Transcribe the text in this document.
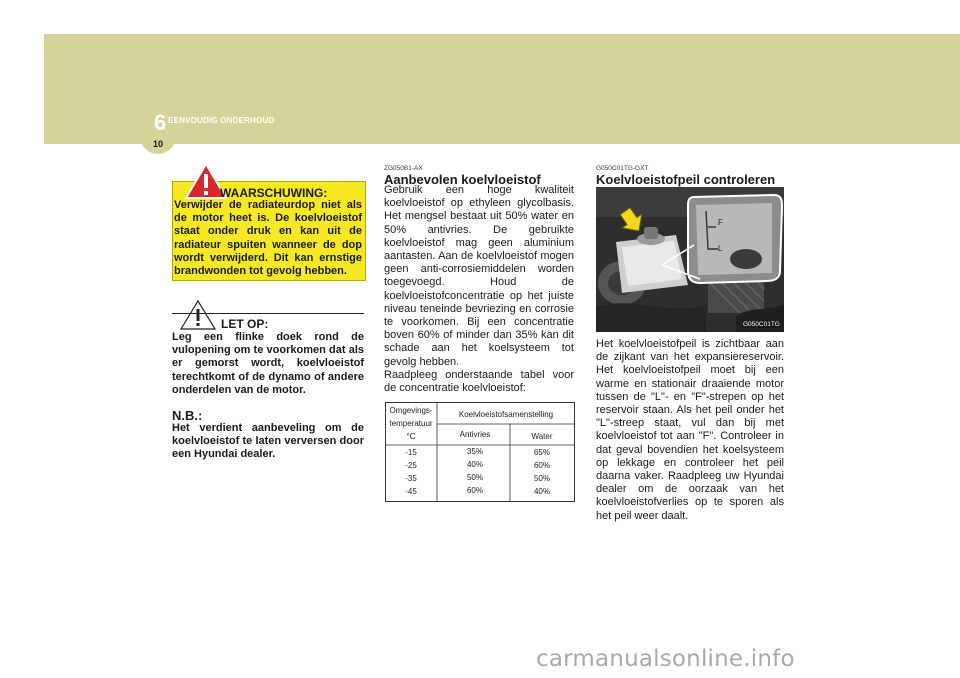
6 EENVOUDIG ONDERHOUD
10
WAARSCHUWING:
Verwijder de radiateurdop niet als de motor heet is. De koelvloeistof staat onder druk en kan uit de radiateur spuiten wanneer de dop wordt verwijderd. Dit kan ernstige brandwonden tot gevolg hebben.
LET OP:
Leg een flinke doek rond de vulopening om te voorkomen dat als er gemorst wordt, koelvloeistof terechtkomt of de dynamo of andere onderdelen van de motor.
N.B.:
Het verdient aanbeveling om de koelvloeistof te laten verversen door een Hyundai dealer.
ZG050B1-AX
Aanbevolen koelvloeistof
Gebruik een hoge kwaliteit koelvloeistof op ethyleen glycolbasis. Het mengsel bestaat uit 50% water en 50% antivries. De gebruikte koelvloeistof mag geen aluminium aantasten. Aan de koelvloeistof mogen geen anti-corrosiemiddelen worden toegevoegd. Houd de koelvloeistofconcentratie op het juiste niveau teneinde bevriezing en corrosie te voorkomen. Bij een concentratie boven 60% of minder dan 35% kan dit schade aan het koelsysteem tot gevolg hebben.
Raadpleeg onderstaande tabel voor de concentratie koelvloeistof:
Omgevings-
temperatuur
°C
Koelvloeistofsamenstelling
Antivries	Water
-15	35%	65%
-25	40%	60%
-35	50%	50%
-45	60%	40%
G050C01TG-GXT
Koelvloeistofpeil controleren
F
L
G050C01TG
Het koelvloeistofpeil is zichtbaar aan de zijkant van het expansiereservoir. Het koelvloeistofpeil moet bij een warme en stationair draaiende motor tussen de "L"- en "F"-strepen op het reservoir staan. Als het peil onder het "L"-streep staat, vul dan bij met koelvloeistof tot aan "F". Controleer in dat geval bovendien het koelsysteem op lekkage en controleer het peil daarna vaker. Raadpleeg uw Hyundai dealer om de oorzaak van het koelvloeistofverlies op te sporen als het peil weer daalt.
carmanualsonline.info
